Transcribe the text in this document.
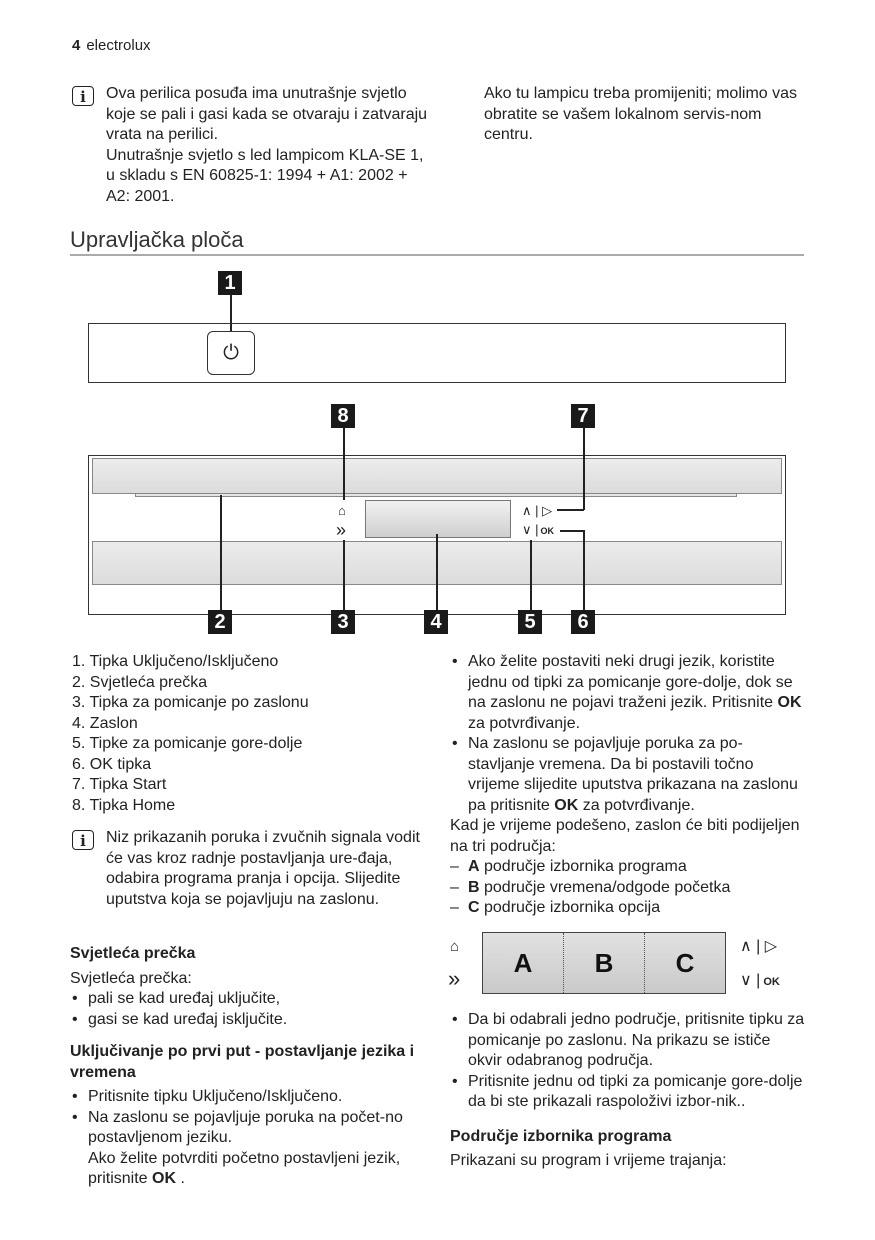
4 electrolux
i	Ova perilica posuđa ima unutrašnje svjetlo koje se pali i gasi kada se otvaraju i zatvaraju vrata na perilici.
Unutrašnje svjetlo s led lampicom KLA-SE 1, u skladu s EN 60825-1: 1994 + A1: 2002 + A2: 2001.
Ako tu lampicu treba promijeniti; molimo vas obratite se vašem lokalnom servis-nom centru.
Upravljačka ploča
1
⏻
8	7
⌂
»
∧ | ▷
∨ | OK
2	3	4	5	6
1. Tipka Uključeno/Isključeno
2. Svjetleća prečka
3. Tipka za pomicanje po zaslonu
4. Zaslon
5. Tipke za pomicanje gore-dolje
6. OK tipka
7. Tipka Start
8. Tipka Home
i	Niz prikazanih poruka i zvučnih signala vodit će vas kroz radnje postavljanja ure-đaja, odabira programa pranja i opcija. Slijedite uputstva koja se pojavljuju na zaslonu.
Svjetleća prečka
Svjetleća prečka:
• pali se kad uređaj uključite,
• gasi se kad uređaj isključite.
Uključivanje po prvi put - postavljanje jezika i vremena
• Pritisnite tipku Uključeno/Isključeno.
• Na zaslonu se pojavljuje poruka na počet-no postavljenom jeziku.
Ako želite potvrditi početno postavljeni jezik, pritisnite OK .
• Ako želite postaviti neki drugi jezik, koristite jednu od tipki za pomicanje gore-dolje, dok se na zaslonu ne pojavi traženi jezik. Pritisnite OK za potvrđivanje.
• Na zaslonu se pojavljuje poruka za po-stavljanje vremena. Da bi postavili točno vrijeme slijedite uputstva prikazana na zaslonu pa pritisnite OK za potvrđivanje.
Kad je vrijeme podešeno, zaslon će biti podijeljen na tri područja:
– A područje izbornika programa
– B područje vremena/odgode početka
– C područje izbornika opcija
⌂
»
A	B	C
∧ | ▷
∨ | OK
• Da bi odabrali jedno područje, pritisnite tipku za pomicanje po zaslonu. Na prikazu se ističe okvir odabranog područja.
• Pritisnite jednu od tipki za pomicanje gore-dolje da bi ste prikazali raspoloživi izbor-nik..
Područje izbornika programa
Prikazani su program i vrijeme trajanja:
